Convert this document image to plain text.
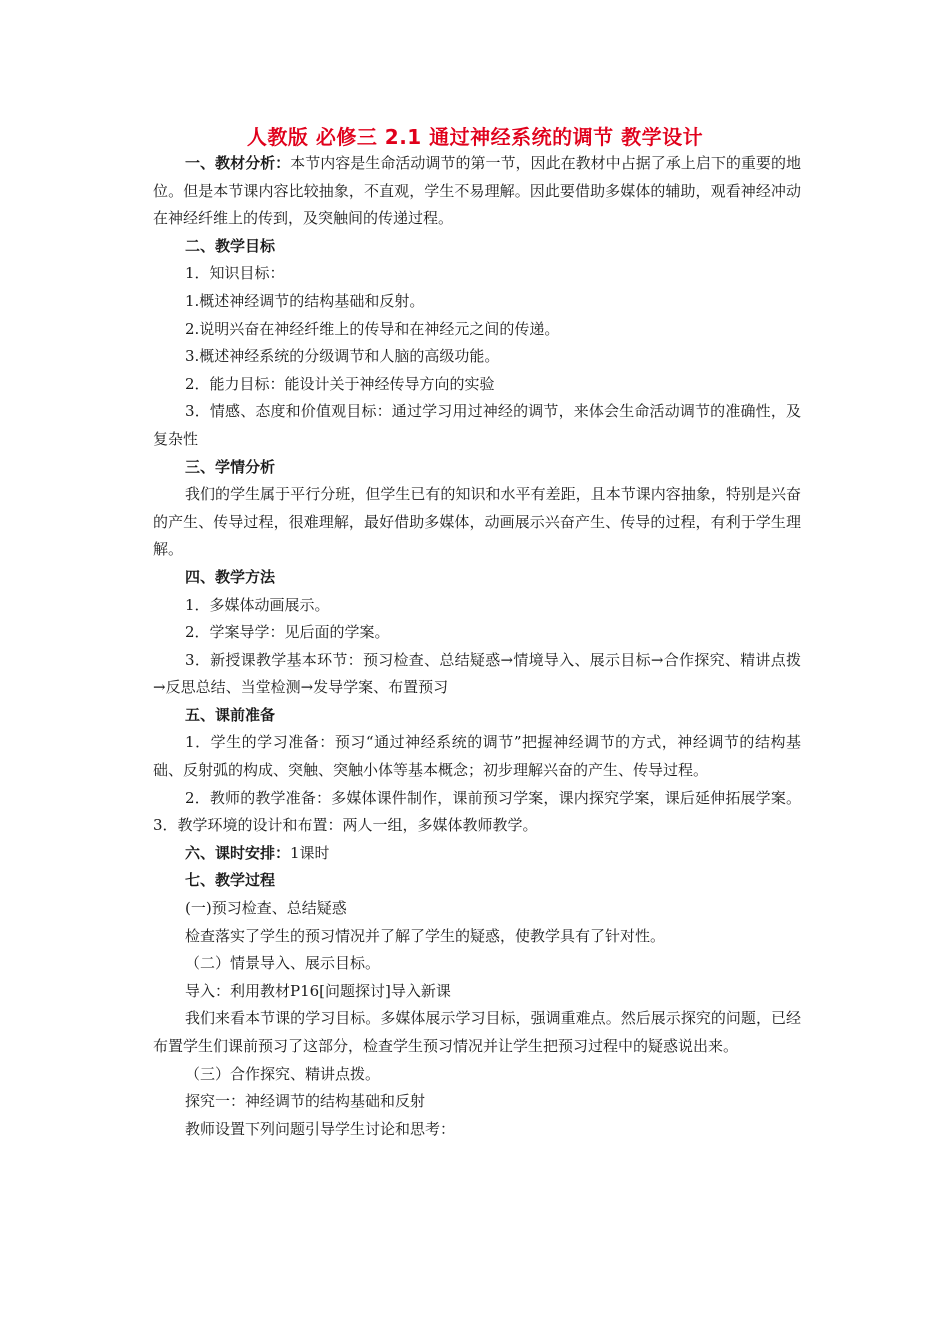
人教版 必修三 2.1 通过神经系统的调节 教学设计

一、教材分析：本节内容是生命活动调节的第一节，因此在教材中占据了承上启下的重要的地位。但是本节课内容比较抽象，不直观，学生不易理解。因此要借助多媒体的辅助，观看神经冲动在神经纤维上的传到，及突触间的传递过程。

二、教学目标

1．知识目标：

1.概述神经调节的结构基础和反射。

2.说明兴奋在神经纤维上的传导和在神经元之间的传递。

3.概述神经系统的分级调节和人脑的高级功能。

2．能力目标：能设计关于神经传导方向的实验

3．情感、态度和价值观目标：通过学习用过神经的调节，来体会生命活动调节的准确性，及复杂性

三、学情分析

我们的学生属于平行分班，但学生已有的知识和水平有差距，且本节课内容抽象，特别是兴奋的产生、传导过程，很难理解，最好借助多媒体，动画展示兴奋产生、传导的过程，有利于学生理解。

四、教学方法

1．多媒体动画展示。

2．学案导学：见后面的学案。

3．新授课教学基本环节：预习检查、总结疑惑→情境导入、展示目标→合作探究、精讲点拨→反思总结、当堂检测→发导学案、布置预习

五、课前准备

1．学生的学习准备：预习“通过神经系统的调节”把握神经调节的方式，神经调节的结构基础、反射弧的构成、突触、突触小体等基本概念；初步理解兴奋的产生、传导过程。

2．教师的教学准备：多媒体课件制作，课前预习学案，课内探究学案，课后延伸拓展学案。3．教学环境的设计和布置：两人一组，多媒体教师教学。

六、课时安排：1课时

七、教学过程

(一)预习检查、总结疑惑

检查落实了学生的预习情况并了解了学生的疑惑，使教学具有了针对性。

（二）情景导入、展示目标。

导入：利用教材P16[问题探讨]导入新课

我们来看本节课的学习目标。多媒体展示学习目标，强调重难点。然后展示探究的问题，已经布置学生们课前预习了这部分，检查学生预习情况并让学生把预习过程中的疑惑说出来。

（三）合作探究、精讲点拨。

探究一：神经调节的结构基础和反射

教师设置下列问题引导学生讨论和思考：
